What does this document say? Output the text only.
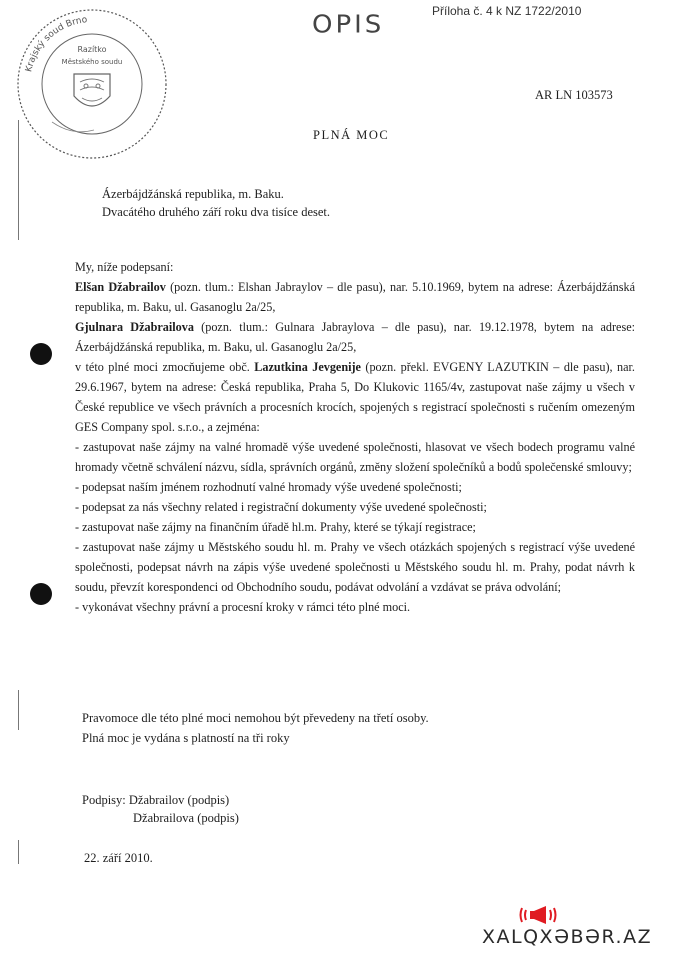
Krajský soud Brno
Razítko
Městského soudu
OPIS	Příloha č. 4 k NZ 1722/2010
AR LN 103573
PLNÁ MOC
Ázerbájdžánská republika, m. Baku.
Dvacátého druhého září roku dva tisíce deset.

My, níže podepsaní:

Elšan Džabrailov (pozn. tlum.: Elshan Jabraylov – dle pasu), nar. 5.10.1969, bytem na adrese: Ázerbájdžánská republika, m. Baku, ul. Gasanoglu 2a/25,

Gjulnara Džabrailova (pozn. tlum.: Gulnara Jabraylova – dle pasu), nar. 19.12.1978, bytem na adrese: Ázerbájdžánská republika, m. Baku, ul. Gasanoglu 2a/25,

v této plné moci zmocňujeme obč. Lazutkina Jevgenije (pozn. překl. EVGENY LAZUTKIN – dle pasu), nar. 29.6.1967, bytem na adrese: Česká republika, Praha 5, Do Klukovic 1165/4v, zastupovat naše zájmy u všech v České republice ve všech právních a procesních krocích, spojených s registrací společnosti s ručením omezeným GES Company spol. s.r.o., a zejména:

- zastupovat naše zájmy na valné hromadě výše uvedené společnosti, hlasovat ve všech bodech programu valné hromady včetně schválení názvu, sídla, správních orgánů, změny složení společníků a bodů společenské smlouvy;

- podepsat naším jménem rozhodnutí valné hromady výše uvedené společnosti;

- podepsat za nás všechny related i registrační dokumenty výše uvedené společnosti;

- zastupovat naše zájmy na finančním úřadě hl.m. Prahy, které se týkají registrace;

- zastupovat naše zájmy u Městského soudu hl. m. Prahy ve všech otázkách spojených s registrací výše uvedené společnosti, podepsat návrh na zápis výše uvedené společnosti u Městského soudu hl. m. Prahy, podat návrh k soudu, převzít korespondenci od Obchodního soudu, podávat odvolání a vzdávat se práva odvolání;

- vykonávat všechny právní a procesní kroky v rámci této plné moci.

Pravomoce dle této plné moci nemohou být převedeny na třetí osoby.
Plná moc je vydána s platností na tři roky
Podpisy: Džabrailov (podpis)
Džabrailova (podpis)
22. září 2010.
XALQXƏBƏR.AZ
